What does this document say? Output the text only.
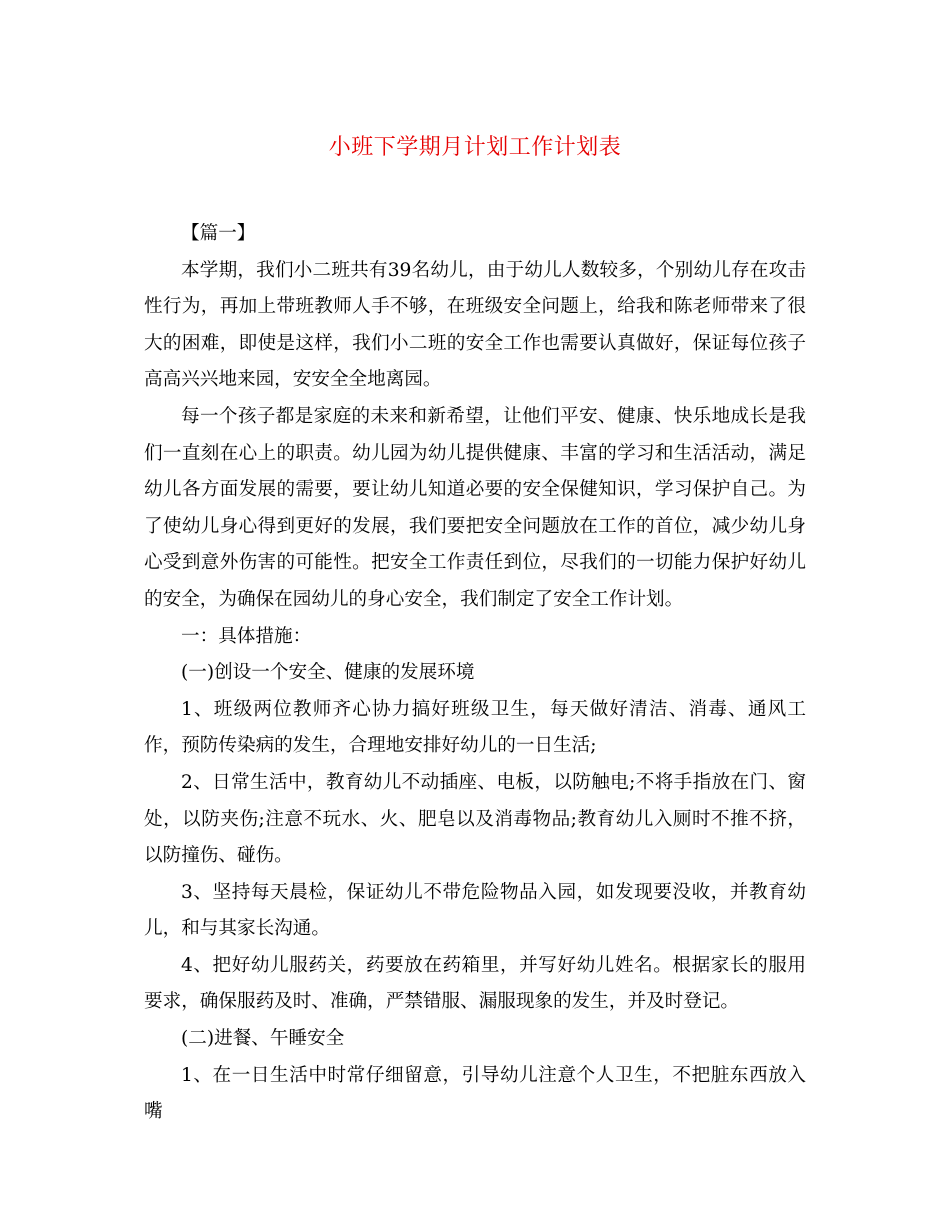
小班下学期月计划工作计划表

【篇一】

本学期，我们小二班共有39名幼儿，由于幼儿人数较多，个别幼儿存在攻击性行为，再加上带班教师人手不够，在班级安全问题上，给我和陈老师带来了很大的困难，即使是这样，我们小二班的安全工作也需要认真做好，保证每位孩子高高兴兴地来园，安安全全地离园。

每一个孩子都是家庭的未来和新希望，让他们平安、健康、快乐地成长是我们一直刻在心上的职责。幼儿园为幼儿提供健康、丰富的学习和生活活动，满足幼儿各方面发展的需要，要让幼儿知道必要的安全保健知识，学习保护自己。为了使幼儿身心得到更好的发展，我们要把安全问题放在工作的首位，减少幼儿身心受到意外伤害的可能性。把安全工作责任到位，尽我们的一切能力保护好幼儿的安全，为确保在园幼儿的身心安全，我们制定了安全工作计划。

一：具体措施：

(一)创设一个安全、健康的发展环境

1、班级两位教师齐心协力搞好班级卫生，每天做好清洁、消毒、通风工作，预防传染病的发生，合理地安排好幼儿的一日生活;

2、日常生活中，教育幼儿不动插座、电板，以防触电;不将手指放在门、窗处，以防夹伤;注意不玩水、火、肥皂以及消毒物品;教育幼儿入厕时不推不挤，以防撞伤、碰伤。

3、坚持每天晨检，保证幼儿不带危险物品入园，如发现要没收，并教育幼儿，和与其家长沟通。

4、把好幼儿服药关，药要放在药箱里，并写好幼儿姓名。根据家长的服用要求，确保服药及时、准确，严禁错服、漏服现象的发生，并及时登记。

(二)进餐、午睡安全

1、在一日生活中时常仔细留意，引导幼儿注意个人卫生，不把脏东西放入嘴
